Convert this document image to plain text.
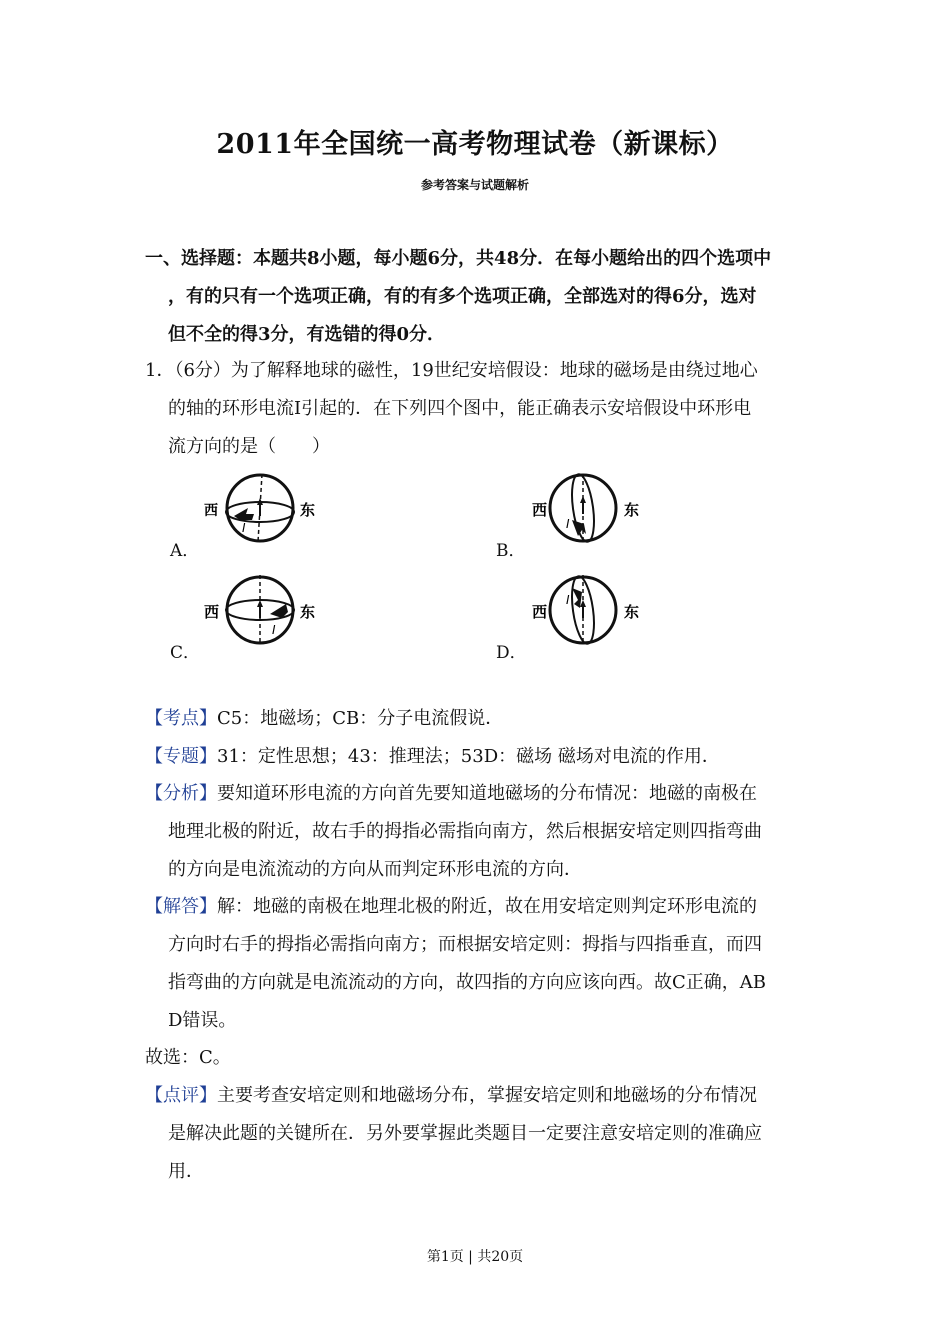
2011年全国统一高考物理试卷（新课标）
参考答案与试题解析
一、选择题：本题共8小题，每小题6分，共48分．在每小题给出的四个选项中
，有的只有一个选项正确，有的有多个选项正确，全部选对的得6分，选对
但不全的得3分，有选错的得0分．
1．（6分）为了解释地球的磁性，19世纪安培假设：地球的磁场是由绕过地心
的轴的环形电流I引起的．在下列四个图中，能正确表示安培假设中环形电
流方向的是（　　）
西
I
东
A．
西
I
东
B．
西
I
东
C．
西
I
东
D．
【考点】C5：地磁场；CB：分子电流假说．
【专题】31：定性思想；43：推理法；53D：磁场 磁场对电流的作用．
【分析】要知道环形电流的方向首先要知道地磁场的分布情况：地磁的南极在
地理北极的附近，故右手的拇指必需指向南方，然后根据安培定则四指弯曲
的方向是电流流动的方向从而判定环形电流的方向．
【解答】解：地磁的南极在地理北极的附近，故在用安培定则判定环形电流的
方向时右手的拇指必需指向南方；而根据安培定则：拇指与四指垂直，而四
指弯曲的方向就是电流流动的方向，故四指的方向应该向西。故C正确，AB
D错误。
故选：C。
【点评】主要考查安培定则和地磁场分布，掌握安培定则和地磁场的分布情况
是解决此题的关键所在．另外要掌握此类题目一定要注意安培定则的准确应
用．
第1页 | 共20页
